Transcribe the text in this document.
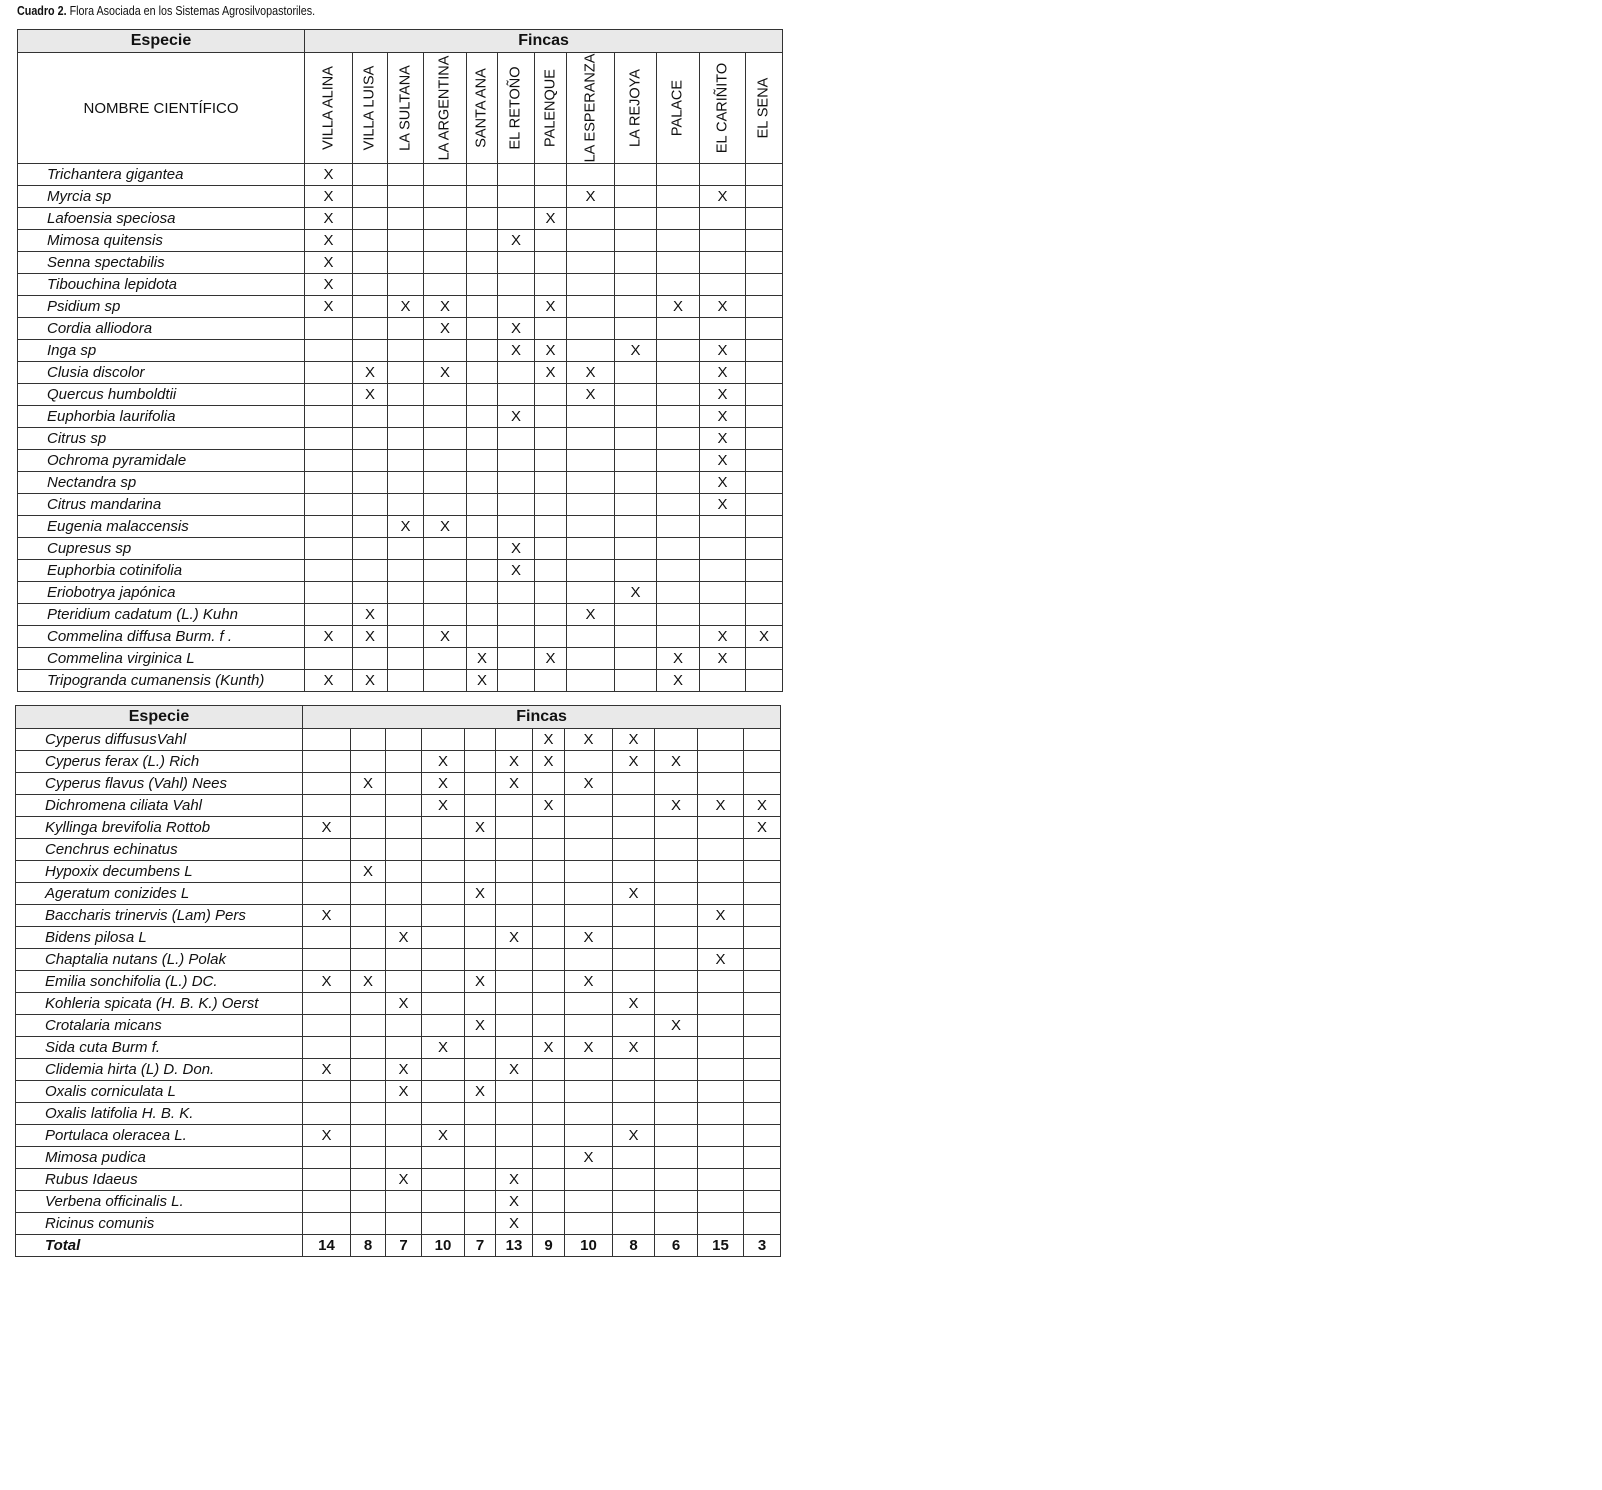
Cuadro 2. Flora Asociada en los Sistemas Agrosilvopastoriles.
Especie	Fincas											
NOMBRE CIENTÍFICO	VILLA ALINA	VILLA LUISA	LA SULTANA	LA ARGENTINA	SANTA ANA	EL RETOÑO	PALENQUE	LA ESPERANZA	LA REJOYA	PALACE	EL CARIÑITO	EL SENA

Trichantera gigantea	X											
Myrcia sp	X							X			X	
Lafoensia speciosa	X						X					
Mimosa quitensis	X					X						
Senna spectabilis	X											
Tibouchina lepidota	X											
Psidium sp	X		X	X			X			X	X	
Cordia alliodora				X		X						
Inga sp						X	X		X		X	
Clusia discolor		X		X			X	X			X	
Quercus humboldtii		X						X			X	
Euphorbia laurifolia						X					X	
Citrus sp											X	
Ochroma pyramidale											X	
Nectandra sp											X	
Citrus mandarina											X	
Eugenia malaccensis			X	X								
Cupresus sp						X						
Euphorbia cotinifolia						X						
Eriobotrya japónica									X			
Pteridium cadatum (L.) Kuhn		X						X				
Commelina diffusa Burm. f .	X	X		X							X	X
Commelina virginica L					X		X			X	X	
Tripogranda cumanensis (Kunth)	X	X			X					X		
Especie	Fincas											
Cyperus diffususVahl							X	X	X			
Cyperus ferax (L.) Rich				X		X	X		X	X		
Cyperus flavus (Vahl) Nees		X		X		X		X				
Dichromena ciliata Vahl				X			X			X	X	X
Kyllinga brevifolia Rottob	X				X							X
Cenchrus echinatus												
Hypoxix decumbens L		X										
Ageratum conizides L					X				X			
Baccharis trinervis (Lam) Pers	X										X	
Bidens pilosa L			X			X		X				
Chaptalia nutans (L.) Polak											X	
Emilia sonchifolia (L.) DC.	X	X			X			X				
Kohleria spicata (H. B. K.) Oerst			X						X			
Crotalaria micans					X					X		
Sida cuta Burm f.				X			X	X	X			
Clidemia hirta (L) D. Don.	X		X			X						
Oxalis corniculata L			X		X							
Oxalis latifolia H. B. K.												
Portulaca oleracea L.	X			X					X			
Mimosa pudica								X				
Rubus Idaeus			X			X						
Verbena officinalis L.						X						
Ricinus comunis						X						
Total	14	8	7	10	7	13	9	10	8	6	15	3
